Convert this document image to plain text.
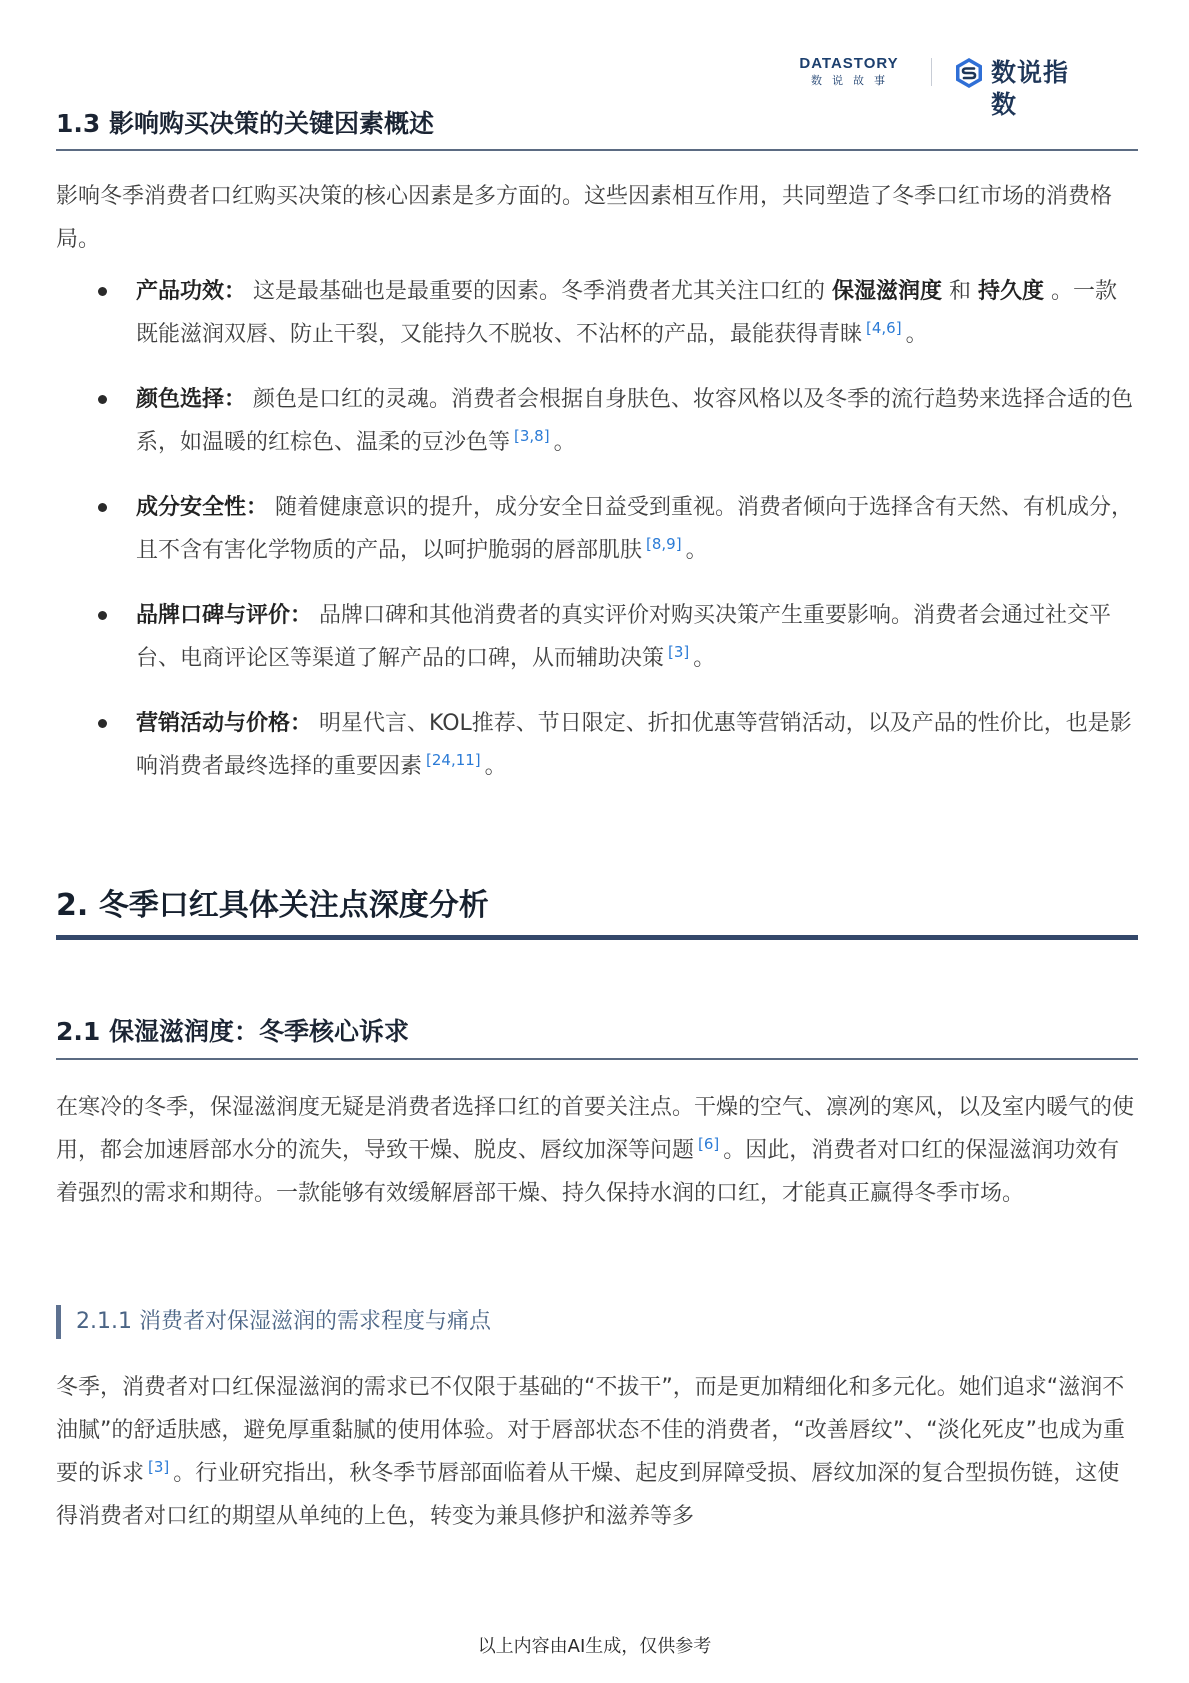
DATASTORY
数说故事	数说指数
1.3 影响购买决策的关键因素概述

影响冬季消费者口红购买决策的核心因素是多方面的。这些因素相互作用，共同塑造了冬季口红市场的消费格局。

产品功效： 这是最基础也是最重要的因素。冬季消费者尤其关注口红的 保湿滋润度 和 持久度 。一款既能滋润双唇、防止干裂，又能持久不脱妆、不沾杯的产品，最能获得青睐 [4,6] 。
颜色选择： 颜色是口红的灵魂。消费者会根据自身肤色、妆容风格以及冬季的流行趋势来选择合适的色系，如温暖的红棕色、温柔的豆沙色等 [3,8] 。
成分安全性： 随着健康意识的提升，成分安全日益受到重视。消费者倾向于选择含有天然、有机成分，且不含有害化学物质的产品，以呵护脆弱的唇部肌肤 [8,9] 。
品牌口碑与评价： 品牌口碑和其他消费者的真实评价对购买决策产生重要影响。消费者会通过社交平台、电商评论区等渠道了解产品的口碑，从而辅助决策 [3] 。
营销活动与价格： 明星代言、KOL推荐、节日限定、折扣优惠等营销活动，以及产品的性价比，也是影响消费者最终选择的重要因素 [24,11] 。
2. 冬季口红具体关注点深度分析
2.1 保湿滋润度：冬季核心诉求

在寒冷的冬季，保湿滋润度无疑是消费者选择口红的首要关注点。干燥的空气、凛冽的寒风，以及室内暖气的使用，都会加速唇部水分的流失，导致干燥、脱皮、唇纹加深等问题 [6] 。因此，消费者对口红的保湿滋润功效有着强烈的需求和期待。一款能够有效缓解唇部干燥、持久保持水润的口红，才能真正赢得冬季市场。

2.1.1 消费者对保湿滋润的需求程度与痛点

冬季，消费者对口红保湿滋润的需求已不仅限于基础的“不拔干”，而是更加精细化和多元化。她们追求“滋润不油腻”的舒适肤感，避免厚重黏腻的使用体验。对于唇部状态不佳的消费者，“改善唇纹”、“淡化死皮”也成为重要的诉求 [3] 。行业研究指出，秋冬季节唇部面临着从干燥、起皮到屏障受损、唇纹加深的复合型损伤链，这使得消费者对口红的期望从单纯的上色，转变为兼具修护和滋养等多

以上内容由AI生成，仅供参考
